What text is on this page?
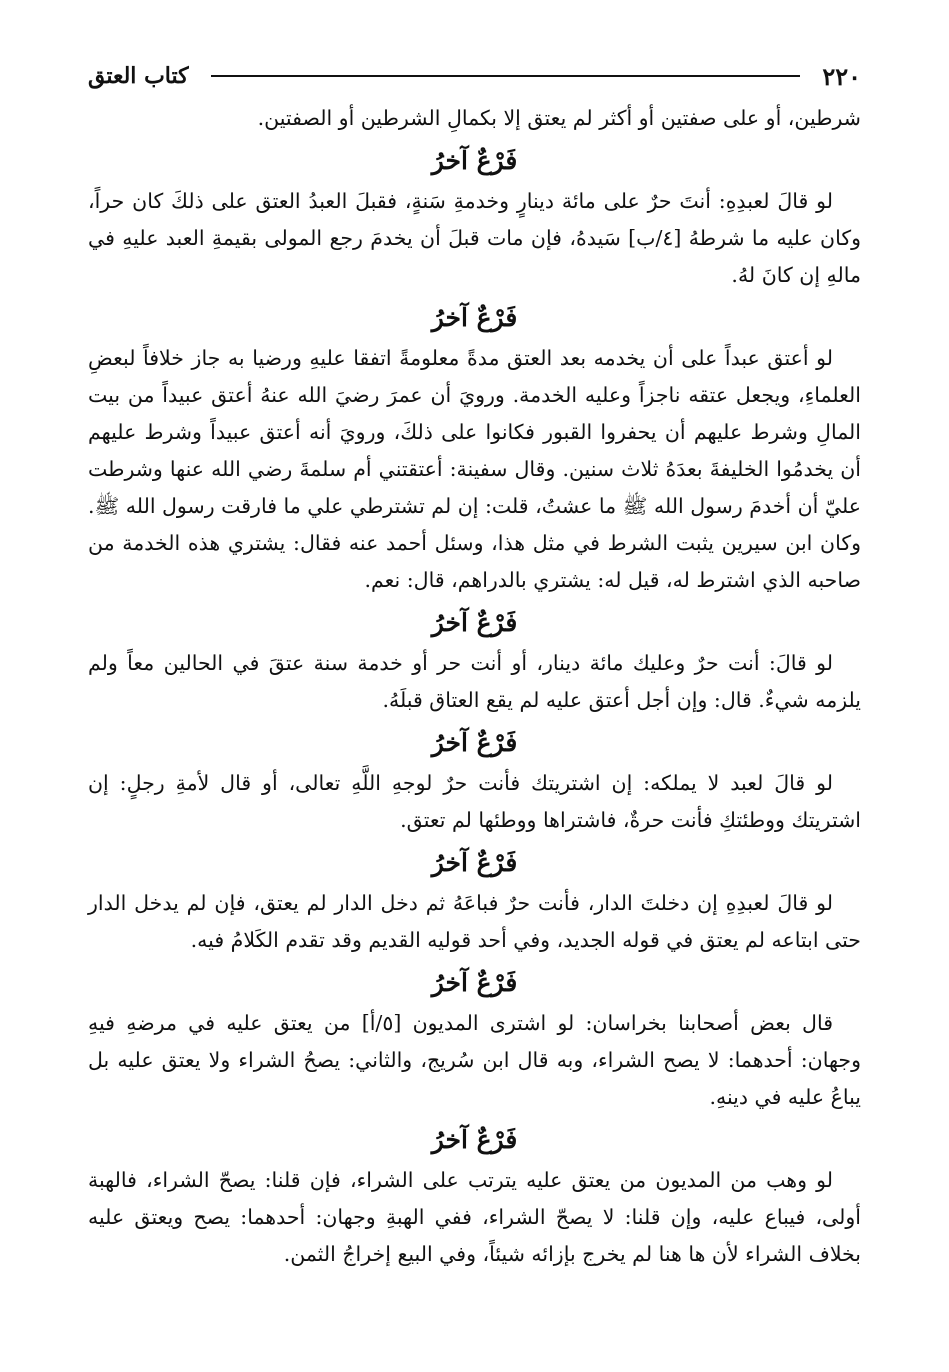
٢٢٠
كتاب العتق

شرطين، أو على صفتين أو أكثر لم يعتق إلا بكمالِ الشرطين أو الصفتين.

فَرْعٌ آخرُ

لو قالَ لعبدِهِ: أنتَ حرٌ على مائة دينارٍ وخدمةِ سَنةٍ، فقبلَ العبدُ العتق على ذلكَ كان حراً، وكان عليه ما شرطهُ [٤/ب] سَيدهُ، فإن مات قبلَ أن يخدمَ رجع المولى بقيمةِ العبد عليهِ في مالهِ إن كانَ لهُ.

فَرْعٌ آخرُ

لو أعتق عبداً على أن يخدمه بعد العتق مدةً معلومةً اتفقا عليهِ ورضيا به جاز خلافاً لبعضِ العلماءِ، ويجعل عتقه ناجزاً وعليه الخدمة. ورويَ أن عمرَ رضيَ الله عنهُ أعتق عبيداً من بيت المالِ وشرط عليهم أن يحفروا القبور فكانوا على ذلكَ، ورويَ أنه أعتق عبيداً وشرط عليهم أن يخدمُوا الخليفةَ بعدَهُ ثلاث سنين. وقال سفينة: أعتقتني أم سلمةَ رضي الله عنها وشرطت عليّ أن أخدمَ رسول الله ﷺ ما عشتُ، قلت: إن لم تشترطي علي ما فارقت رسول الله ﷺ. وكان ابن سيرين يثبت الشرط في مثل هذا، وسئل أحمد عنه فقال: يشتري هذه الخدمة من صاحبه الذي اشترط له، قيل له: يشتري بالدراهم، قال: نعم.

فَرْعٌ آخرُ

لو قالَ: أنت حرٌ وعليك مائة دينار، أو أنت حر أو خدمة سنة عتقَ في الحالين معاً ولم يلزمه شيءٌ. قال: وإن أجل أعتق عليه لم يقع العتاق قبلَهُ.

فَرْعٌ آخرُ

لو قالَ لعبد لا يملكه: إن اشتريتك فأنت حرٌ لوجهِ اللَّهِ تعالى، أو قال لأمةِ رجلٍ: إن اشتريتك ووطئتكِ فأنت حرةٌ، فاشتراها ووطئها لم تعتق.

فَرْعٌ آخرُ

لو قالَ لعبدِهِ إن دخلتَ الدار، فأنت حرٌ فباعَهُ ثم دخل الدار لم يعتق، فإن لم يدخل الدار حتى ابتاعه لم يعتق في قوله الجديد، وفي أحد قوليه القديم وقد تقدم الكَلامُ فيه.

فَرْعٌ آخرُ

قال بعض أصحابنا بخراسان: لو اشترى المديون [٥/أ] من يعتق عليه في مرضهِ فيهِ وجهان: أحدهما: لا يصح الشراء، وبه قال ابن سُريج، والثاني: يصحُ الشراء ولا يعتق عليه بل يباعُ عليه في دينهِ.

فَرْعٌ آخرُ

لو وهب من المديون من يعتق عليه يترتب على الشراء، فإن قلنا: يصحّ الشراء، فالهبة أولى، فيباع عليه، وإن قلنا: لا يصحّ الشراء، ففي الهبةِ وجهان: أحدهما: يصح ويعتق عليه بخلاف الشراء لأن ها هنا لم يخرج بإزائه شيئاً، وفي البيع إخراجُ الثمن.
